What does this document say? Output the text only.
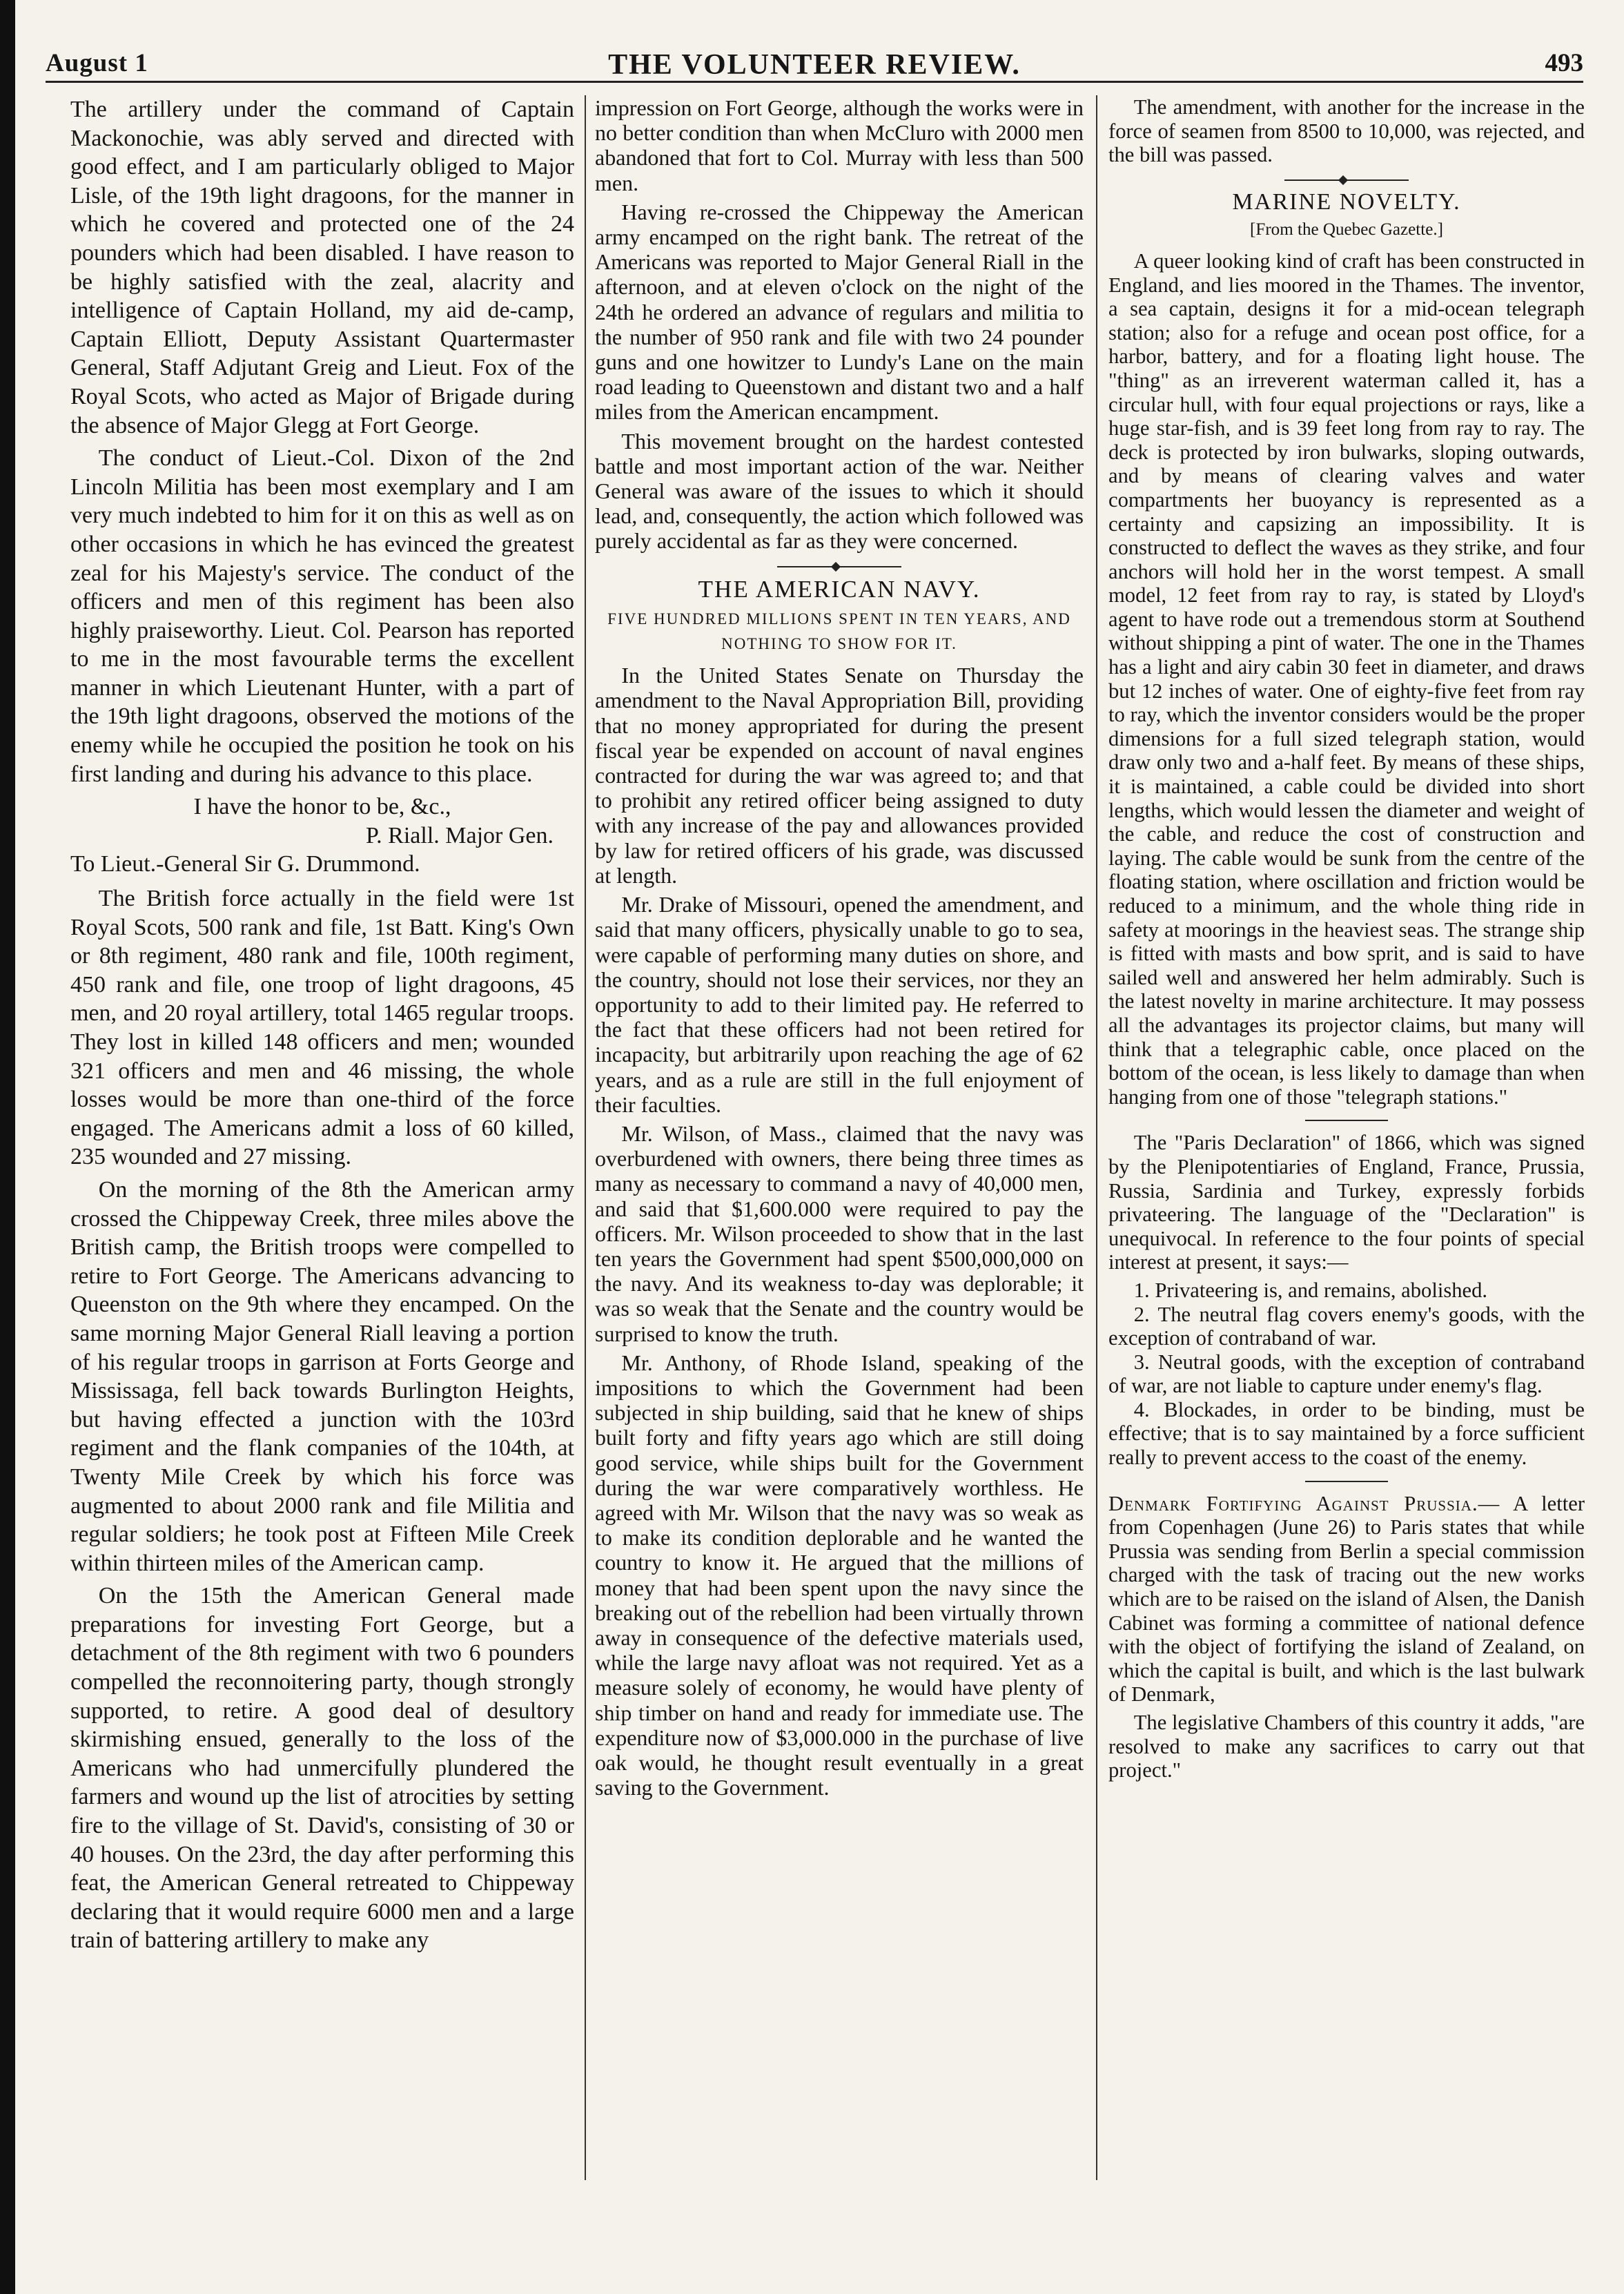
August 1	THE VOLUNTEER REVIEW.	493

The artillery under the command of Captain Mackonochie, was ably served and directed with good effect, and I am particularly obliged to Major Lisle, of the 19th light dragoons, for the manner in which he covered and protected one of the 24 pounders which had been disabled. I have reason to be highly satisfied with the zeal, alacrity and intelligence of Captain Holland, my aid de-camp, Captain Elliott, Deputy Assistant Quartermaster General, Staff Adjutant Greig and Lieut. Fox of the Royal Scots, who acted as Major of Brigade during the absence of Major Glegg at Fort George.

The conduct of Lieut.-Col. Dixon of the 2nd Lincoln Militia has been most exemplary and I am very much indebted to him for it on this as well as on other occasions in which he has evinced the greatest zeal for his Majesty's service. The conduct of the officers and men of this regiment has been also highly praiseworthy. Lieut. Col. Pearson has reported to me in the most favourable terms the excellent manner in which Lieutenant Hunter, with a part of the 19th light dragoons, observed the motions of the enemy while he occupied the position he took on his first landing and during his advance to this place.

I have the honor to be, &c.,

P. Riall. Major Gen.

To Lieut.-General Sir G. Drummond.

The British force actually in the field were 1st Royal Scots, 500 rank and file, 1st Batt. King's Own or 8th regiment, 480 rank and file, 100th regiment, 450 rank and file, one troop of light dragoons, 45 men, and 20 royal artillery, total 1465 regular troops. They lost in killed 148 officers and men; wounded 321 officers and men and 46 missing, the whole losses would be more than one-third of the force engaged. The Americans admit a loss of 60 killed, 235 wounded and 27 missing.

On the morning of the 8th the American army crossed the Chippeway Creek, three miles above the British camp, the British troops were compelled to retire to Fort George. The Americans advancing to Queenston on the 9th where they encamped. On the same morning Major General Riall leaving a portion of his regular troops in garrison at Forts George and Mississaga, fell back towards Burlington Heights, but having effected a junction with the 103rd regiment and the flank companies of the 104th, at Twenty Mile Creek by which his force was augmented to about 2000 rank and file Militia and regular soldiers; he took post at Fifteen Mile Creek within thirteen miles of the American camp.

On the 15th the American General made preparations for investing Fort George, but a detachment of the 8th regiment with two 6 pounders compelled the reconnoitering party, though strongly supported, to retire. A good deal of desultory skirmishing ensued, generally to the loss of the Americans who had unmercifully plundered the farmers and wound up the list of atrocities by setting fire to the village of St. David's, consisting of 30 or 40 houses. On the 23rd, the day after performing this feat, the American General retreated to Chippeway declaring that it would require 6000 men and a large train of battering artillery to make any

impression on Fort George, although the works were in no better condition than when McCluro with 2000 men abandoned that fort to Col. Murray with less than 500 men.

Having re-crossed the Chippeway the American army encamped on the right bank. The retreat of the Americans was reported to Major General Riall in the afternoon, and at eleven o'clock on the night of the 24th he ordered an advance of regulars and militia to the number of 950 rank and file with two 24 pounder guns and one howitzer to Lundy's Lane on the main road leading to Queenstown and distant two and a half miles from the American encampment.

This movement brought on the hardest contested battle and most important action of the war. Neither General was aware of the issues to which it should lead, and, consequently, the action which followed was purely accidental as far as they were concerned.

THE AMERICAN NAVY.

FIVE HUNDRED MILLIONS SPENT IN TEN YEARS, AND NOTHING TO SHOW FOR IT.

In the United States Senate on Thursday the amendment to the Naval Appropriation Bill, providing that no money appropriated for during the present fiscal year be expended on account of naval engines contracted for during the war was agreed to; and that to prohibit any retired officer being assigned to duty with any increase of the pay and allowances provided by law for retired officers of his grade, was discussed at length.

Mr. Drake of Missouri, opened the amendment, and said that many officers, physically unable to go to sea, were capable of performing many duties on shore, and the country, should not lose their services, nor they an opportunity to add to their limited pay. He referred to the fact that these officers had not been retired for incapacity, but arbitrarily upon reaching the age of 62 years, and as a rule are still in the full enjoyment of their faculties.

Mr. Wilson, of Mass., claimed that the navy was overburdened with owners, there being three times as many as necessary to command a navy of 40,000 men, and said that $1,600.000 were required to pay the officers. Mr. Wilson proceeded to show that in the last ten years the Government had spent $500,000,000 on the navy. And its weakness to-day was deplorable; it was so weak that the Senate and the country would be surprised to know the truth.

Mr. Anthony, of Rhode Island, speaking of the impositions to which the Government had been subjected in ship building, said that he knew of ships built forty and fifty years ago which are still doing good service, while ships built for the Government during the war were comparatively worthless. He agreed with Mr. Wilson that the navy was so weak as to make its condition deplorable and he wanted the country to know it. He argued that the millions of money that had been spent upon the navy since the breaking out of the rebellion had been virtually thrown away in consequence of the defective materials used, while the large navy afloat was not required. Yet as a measure solely of economy, he would have plenty of ship timber on hand and ready for immediate use. The expenditure now of $3,000.000 in the purchase of live oak would, he thought result eventually in a great saving to the Government.

The amendment, with another for the increase in the force of seamen from 8500 to 10,000, was rejected, and the bill was passed.

MARINE NOVELTY.

[From the Quebec Gazette.]

A queer looking kind of craft has been constructed in England, and lies moored in the Thames. The inventor, a sea captain, designs it for a mid-ocean telegraph station; also for a refuge and ocean post office, for a harbor, battery, and for a floating light house. The "thing" as an irreverent waterman called it, has a circular hull, with four equal projections or rays, like a huge star-fish, and is 39 feet long from ray to ray. The deck is protected by iron bulwarks, sloping outwards, and by means of clearing valves and water compartments her buoyancy is represented as a certainty and capsizing an impossibility. It is constructed to deflect the waves as they strike, and four anchors will hold her in the worst tempest. A small model, 12 feet from ray to ray, is stated by Lloyd's agent to have rode out a tremendous storm at Southend without shipping a pint of water. The one in the Thames has a light and airy cabin 30 feet in diameter, and draws but 12 inches of water. One of eighty-five feet from ray to ray, which the inventor considers would be the proper dimensions for a full sized telegraph station, would draw only two and a-half feet. By means of these ships, it is maintained, a cable could be divided into short lengths, which would lessen the diameter and weight of the cable, and reduce the cost of construction and laying. The cable would be sunk from the centre of the floating station, where oscillation and friction would be reduced to a minimum, and the whole thing ride in safety at moorings in the heaviest seas. The strange ship is fitted with masts and bow sprit, and is said to have sailed well and answered her helm admirably. Such is the latest novelty in marine architecture. It may possess all the advantages its projector claims, but many will think that a telegraphic cable, once placed on the bottom of the ocean, is less likely to damage than when hanging from one of those "telegraph stations."

The "Paris Declaration" of 1866, which was signed by the Plenipotentiaries of England, France, Prussia, Russia, Sardinia and Turkey, expressly forbids privateering. The language of the "Declaration" is unequivocal. In reference to the four points of special interest at present, it says:—

1. Privateering is, and remains, abolished.
2. The neutral flag covers enemy's goods, with the exception of contraband of war.
3. Neutral goods, with the exception of contraband of war, are not liable to capture under enemy's flag.
4. Blockades, in order to be binding, must be effective; that is to say maintained by a force sufficient really to prevent access to the coast of the enemy.

Denmark Fortifying Against Prussia.— A letter from Copenhagen (June 26) to Paris states that while Prussia was sending from Berlin a special commission charged with the task of tracing out the new works which are to be raised on the island of Alsen, the Danish Cabinet was forming a committee of national defence with the object of fortifying the island of Zealand, on which the capital is built, and which is the last bulwark of Denmark,

The legislative Chambers of this country it adds, "are resolved to make any sacrifices to carry out that project."
